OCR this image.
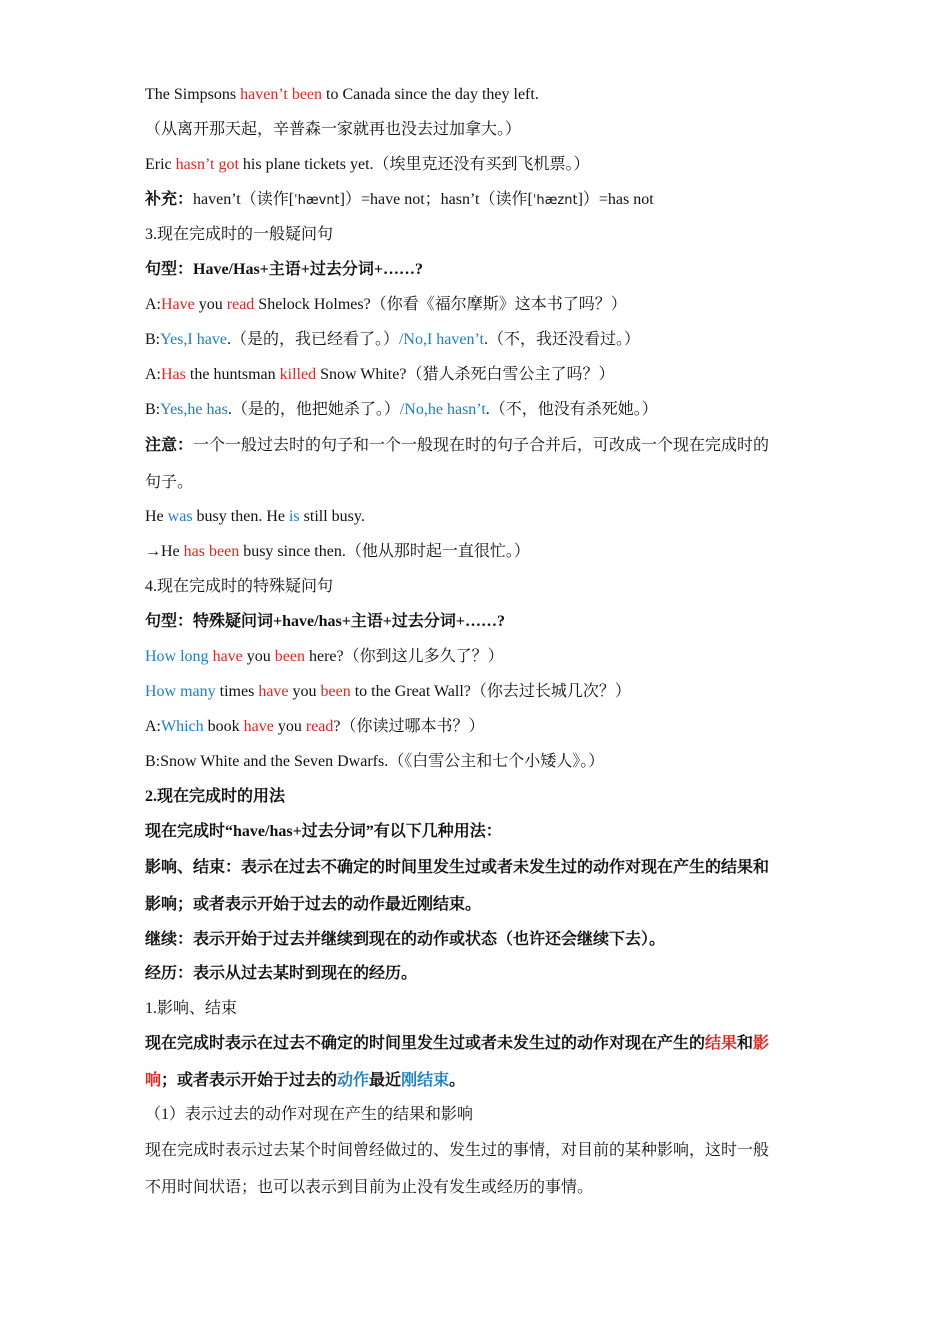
The Simpsons haven’t been to Canada since the day they left.
（从离开那天起，辛普森一家就再也没去过加拿大。）
Eric hasn’t got his plane tickets yet.（埃里克还没有买到飞机票。）
补充：haven’t（读作[ˈhævnt]）=have not；hasn’t（读作[ˈhæznt]）=has not
3.现在完成时的一般疑问句
句型：Have/Has+主语+过去分词+……?
A:Have you read Shelock Holmes?（你看《福尔摩斯》这本书了吗？）
B:Yes,I have.（是的，我已经看了。）/No,I haven’t.（不，我还没看过。）
A:Has the huntsman killed Snow White?（猎人杀死白雪公主了吗？）
B:Yes,he has.（是的，他把她杀了。）/No,he hasn’t.（不，他没有杀死她。）
注意：一个一般过去时的句子和一个一般现在时的句子合并后，可改成一个现在完成时的
句子。
He was busy then. He is still busy.
→He has been busy since then.（他从那时起一直很忙。）
4.现在完成时的特殊疑问句
句型：特殊疑问词+have/has+主语+过去分词+……?
How long have you been here?（你到这儿多久了？）
How many times have you been to the Great Wall?（你去过长城几次？）
A:Which book have you read?（你读过哪本书？）
B:Snow White and the Seven Dwarfs.（《白雪公主和七个小矮人》。）
2.现在完成时的用法
现在完成时“have/has+过去分词”有以下几种用法：
影响、结束：表示在过去不确定的时间里发生过或者未发生过的动作对现在产生的结果和
影响；或者表示开始于过去的动作最近刚结束。
继续：表示开始于过去并继续到现在的动作或状态（也许还会继续下去）。
经历：表示从过去某时到现在的经历。
1.影响、结束
现在完成时表示在过去不确定的时间里发生过或者未发生过的动作对现在产生的结果和影
响；或者表示开始于过去的动作最近刚结束。
（1）表示过去的动作对现在产生的结果和影响
现在完成时表示过去某个时间曾经做过的、发生过的事情，对目前的某种影响，这时一般
不用时间状语；也可以表示到目前为止没有发生或经历的事情。
